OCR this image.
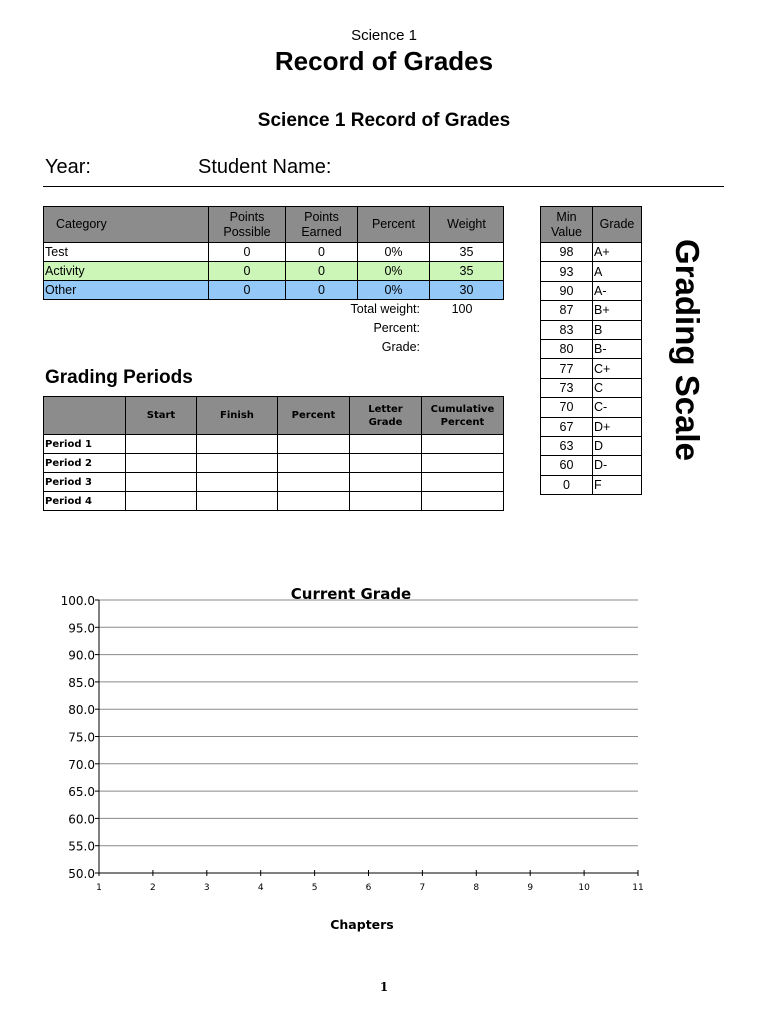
Science 1
Record of Grades
Science 1 Record of Grades
Year:	Student Name:
Category	Points Possible	Points Earned	Percent	Weight
Test	0	0	0%	35
Activity	0	0	0%	35
Other	0	0	0%	30
Total weight:	100
Percent:
Grade:
Grading Periods
	Start	Finish	Percent	Letter Grade	Cumulative Percent
Period 1					
Period 2					
Period 3					
Period 4					
Min Value	Grade
98	A+
93	A
90	A-
87	B+
83	B
80	B-
77	C+
73	C
70	C-
67	D+
63	D
60	D-
0	F
Grading Scale
Current Grade
100.0
95.0
90.0
85.0
80.0
75.0
70.0
65.0
60.0
55.0
50.0
1	2	3	4	5	6	7	8	9	10	11
Chapters
1
